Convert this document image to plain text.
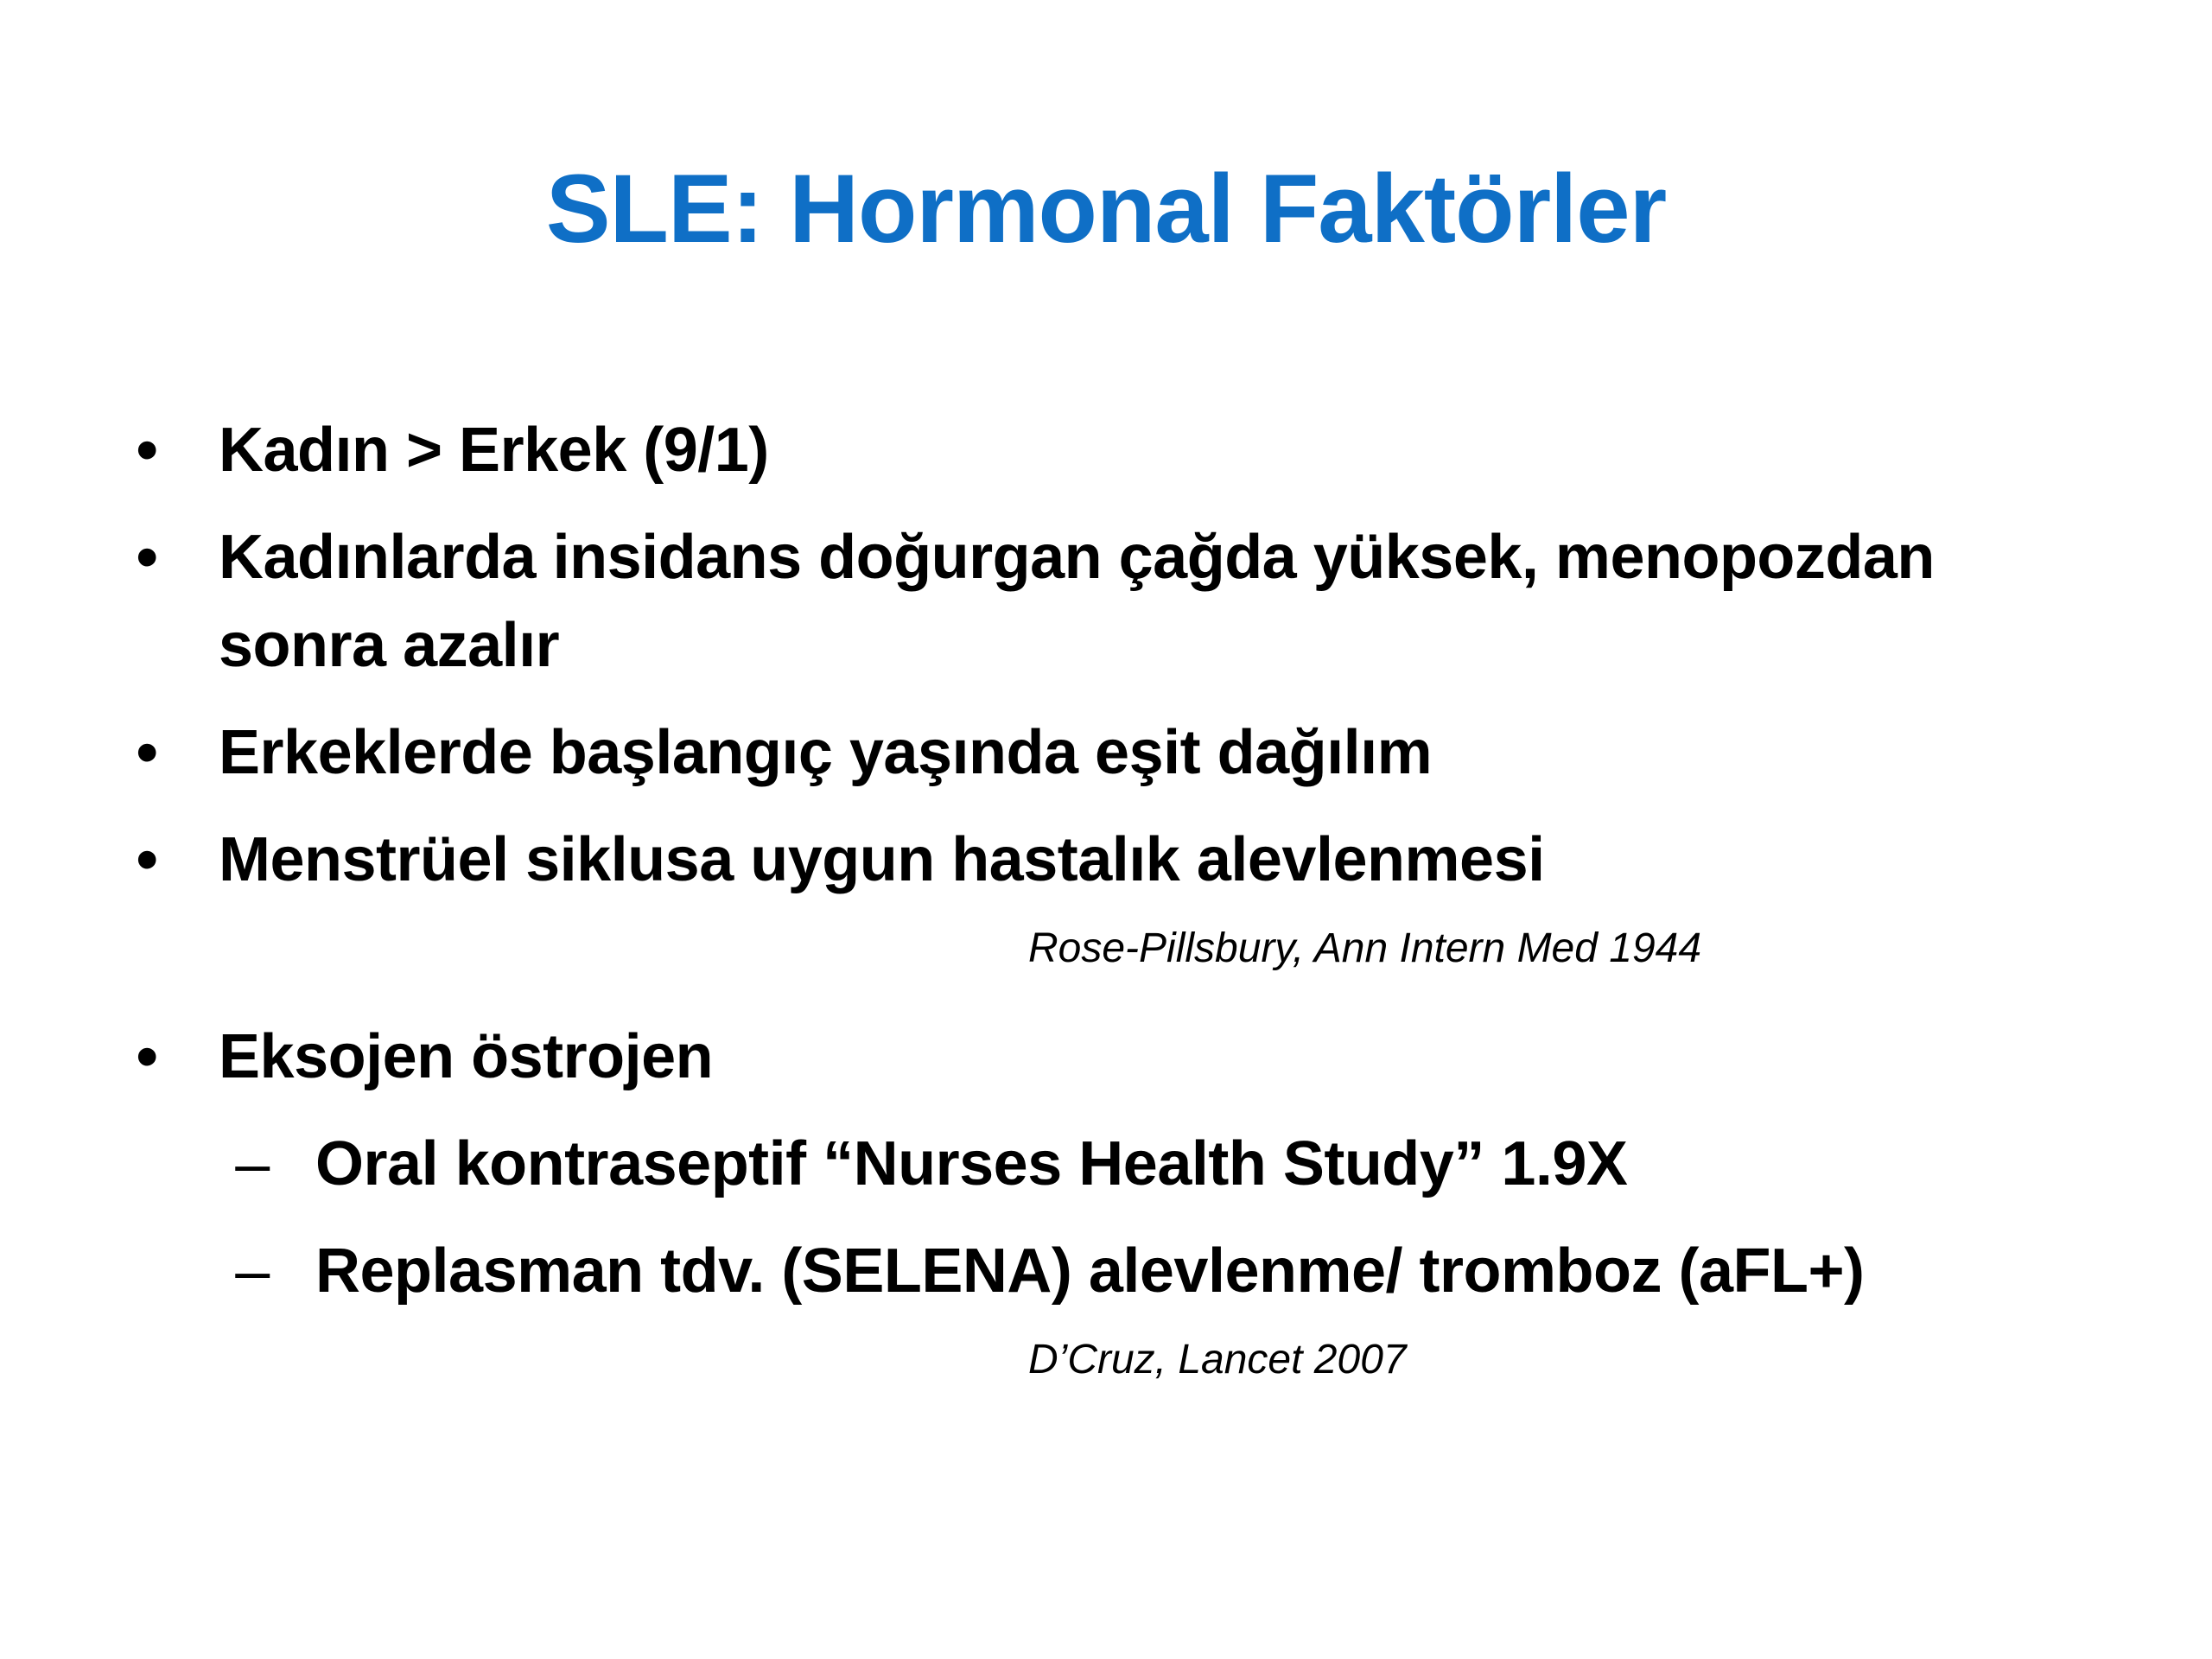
SLE: Hormonal Faktörler
• Kadın > Erkek (9/1)
• Kadınlarda insidans doğurgan çağda yüksek, menopozdan sonra azalır
• Erkeklerde başlangıç yaşında eşit dağılım
• Menstrüel siklusa uygun hastalık alevlenmesi
Rose-Pillsbury, Ann Intern Med 1944
• Eksojen östrojen
– Oral kontraseptif “Nurses Health Study” 1.9X
– Replasman tdv. (SELENA) alevlenme/ tromboz (aFL+)
D’Cruz, Lancet 2007
